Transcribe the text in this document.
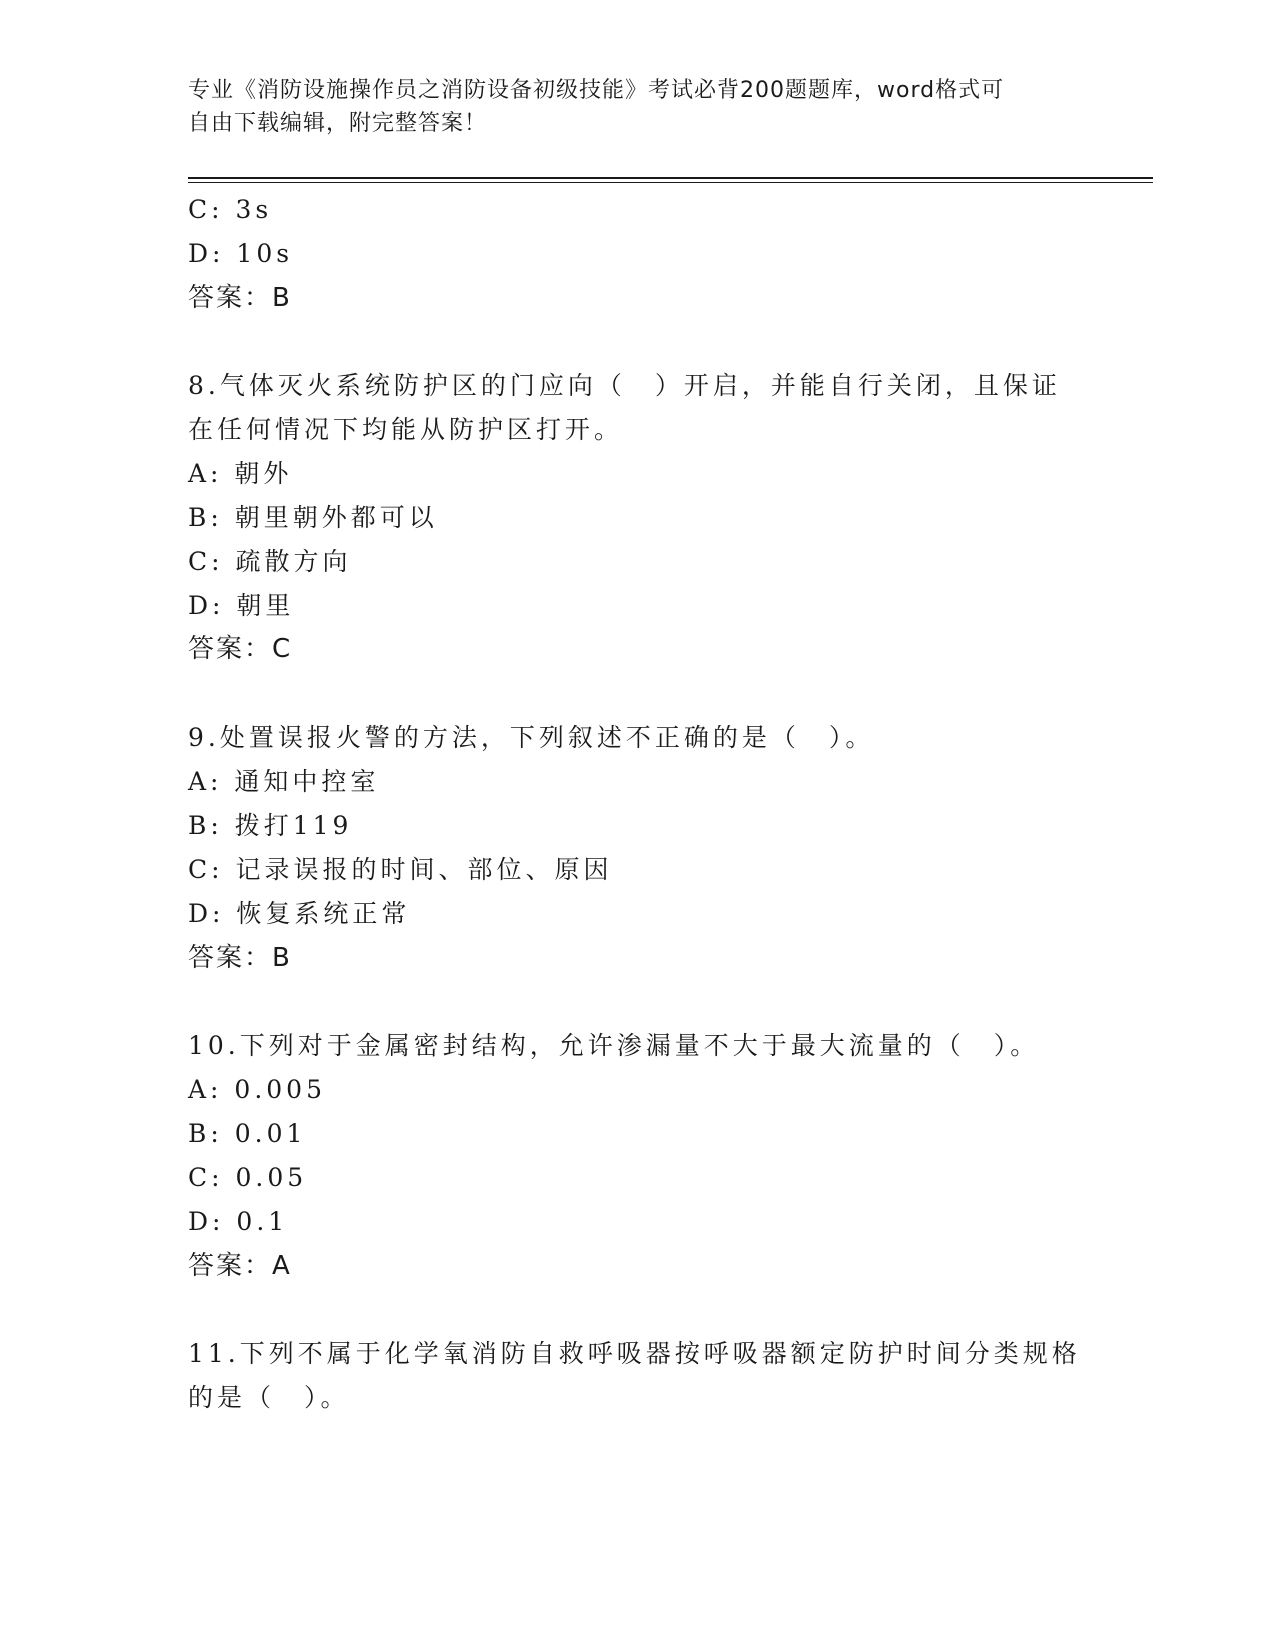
专业《消防设施操作员之消防设备初级技能》考试必背200题题库，word格式可
自由下载编辑，附完整答案！
C: 3s
D: 10s
答案：B
8.气体灭火系统防护区的门应向（　）开启，并能自行关闭，且保证
在任何情况下均能从防护区打开。
A: 朝外
B: 朝里朝外都可以
C: 疏散方向
D: 朝里
答案：C
9.处置误报火警的方法，下列叙述不正确的是（　）。
A: 通知中控室
B: 拨打119
C: 记录误报的时间、部位、原因
D: 恢复系统正常
答案：B
10.下列对于金属密封结构，允许渗漏量不大于最大流量的（　）。
A: 0.005
B: 0.01
C: 0.05
D: 0.1
答案：A
11.下列不属于化学氧消防自救呼吸器按呼吸器额定防护时间分类规格
的是（　）。
